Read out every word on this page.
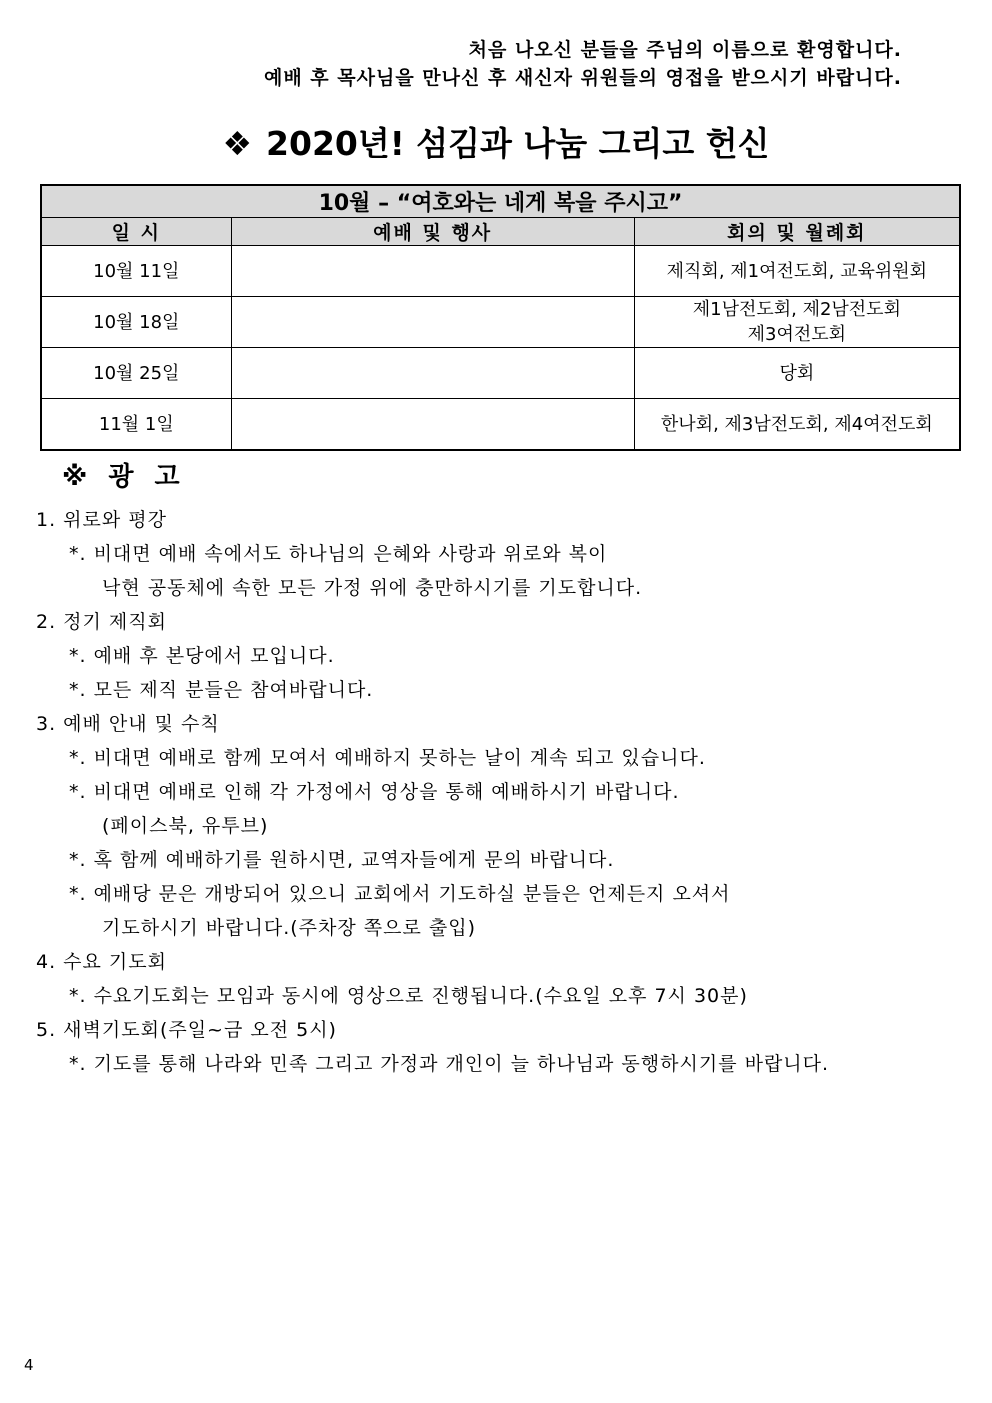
처음 나오신 분들을 주님의 이름으로 환영합니다.
예배 후 목사님을 만나신 후 새신자 위원들의 영접을 받으시기 바랍니다.
❖ 2020년! 섬김과 나눔 그리고 헌신
10월 – “여호와는 네게 복을 주시고”		
일 시	예배 및 행사	회의 및 월례회
10월 11일		제직회, 제1여전도회, 교육위원회

10월 18일		제1남전도회, 제2남전도회
제3여전도회

10월 25일		당회

11월 1일		한나회, 제3남전도회, 제4여전도회
※ 광 고
1. 위로와 평강
*. 비대면 예배 속에서도 하나님의 은혜와 사랑과 위로와 복이
낙현 공동체에 속한 모든 가정 위에 충만하시기를 기도합니다.
2. 정기 제직회
*. 예배 후 본당에서 모입니다.
*. 모든 제직 분들은 참여바랍니다.
3. 예배 안내 및 수칙
*. 비대면 예배로 함께 모여서 예배하지 못하는 날이 계속 되고 있습니다.
*. 비대면 예배로 인해 각 가정에서 영상을 통해 예배하시기 바랍니다.
(페이스북, 유투브)
*. 혹 함께 예배하기를 원하시면, 교역자들에게 문의 바랍니다.
*. 예배당 문은 개방되어 있으니 교회에서 기도하실 분들은 언제든지 오셔서
기도하시기 바랍니다.(주차장 쪽으로 출입)
4. 수요 기도회
*. 수요기도회는 모임과 동시에 영상으로 진행됩니다.(수요일 오후 7시 30분)
5. 새벽기도회(주일~금 오전 5시)
*. 기도를 통해 나라와 민족 그리고 가정과 개인이 늘 하나님과 동행하시기를 바랍니다.
4
